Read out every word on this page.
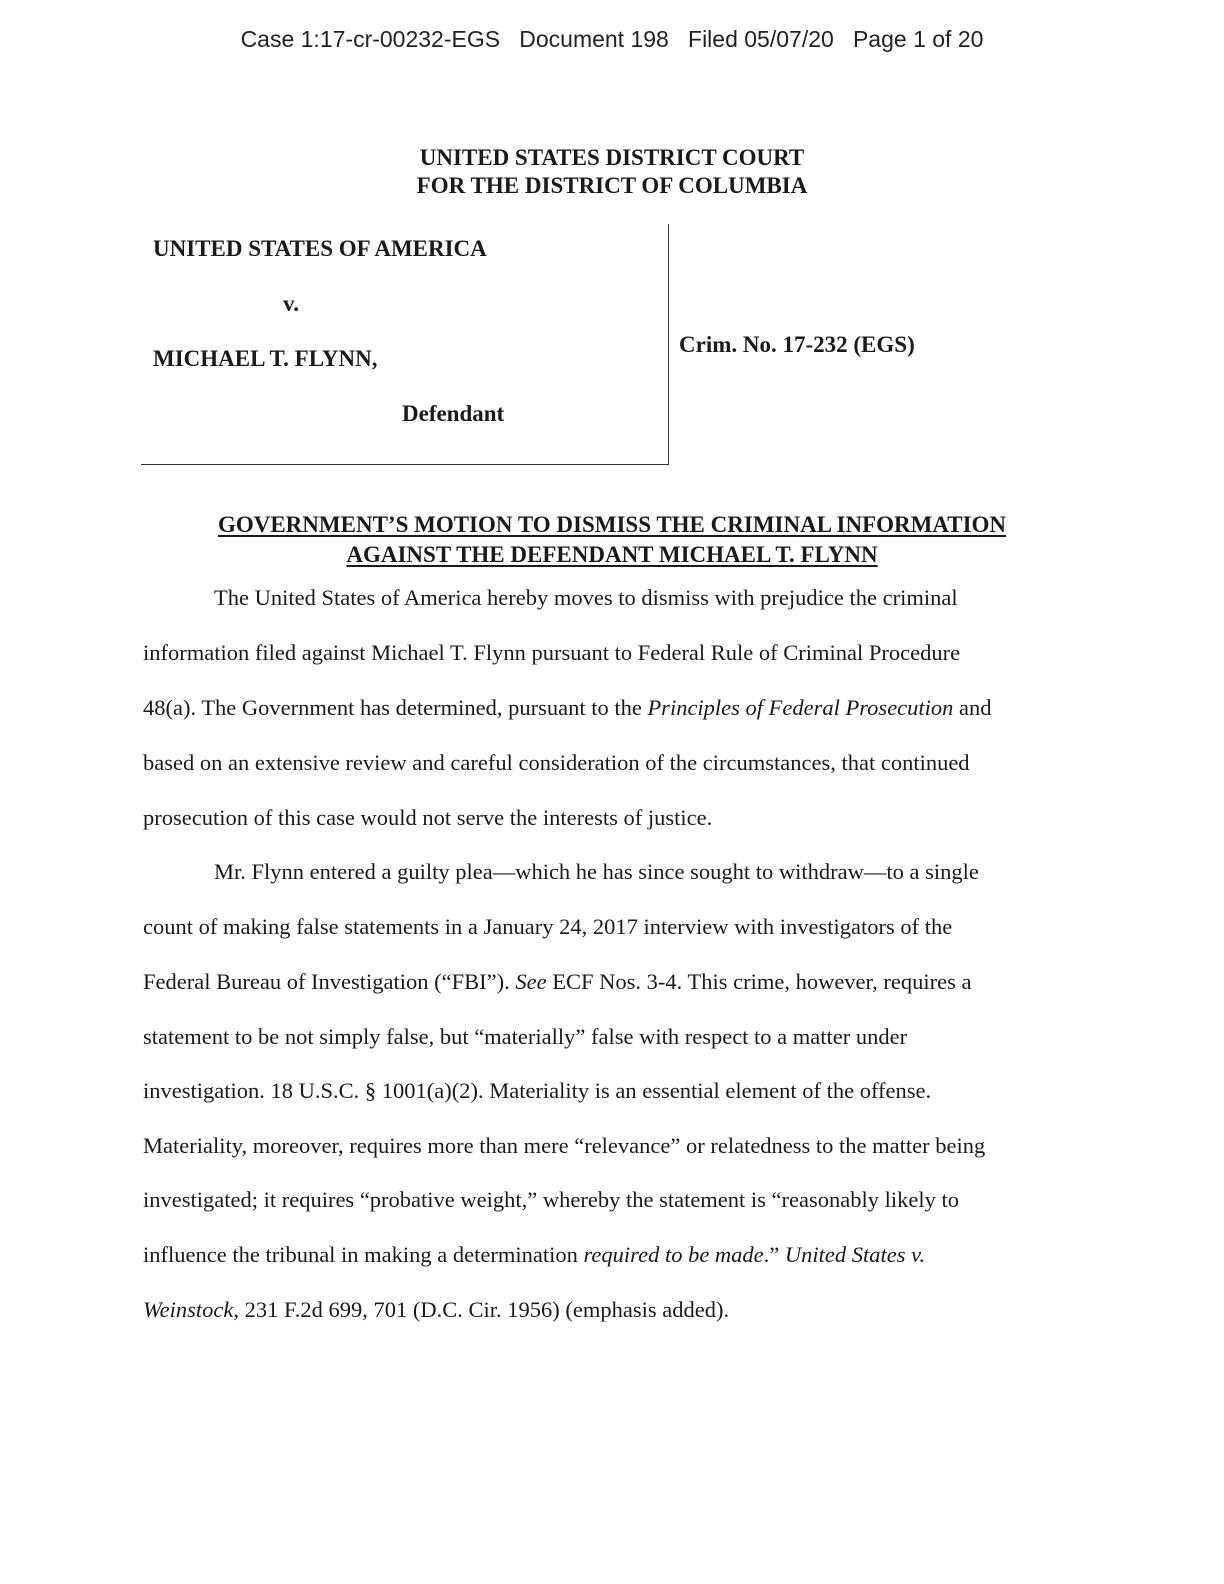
Case 1:17-cr-00232-EGS Document 198 Filed 05/07/20 Page 1 of 20
UNITED STATES DISTRICT COURT
FOR THE DISTRICT OF COLUMBIA
UNITED STATES OF AMERICA
v.
MICHAEL T. FLYNN,
Defendant
Crim. No. 17-232 (EGS)
GOVERNMENT’S MOTION TO DISMISS THE CRIMINAL INFORMATION
AGAINST THE DEFENDANT MICHAEL T. FLYNN
The United States of America hereby moves to dismiss with prejudice the criminal
information filed against Michael T. Flynn pursuant to Federal Rule of Criminal Procedure
48(a). The Government has determined, pursuant to the Principles of Federal Prosecution and
based on an extensive review and careful consideration of the circumstances, that continued
prosecution of this case would not serve the interests of justice.
Mr. Flynn entered a guilty plea—which he has since sought to withdraw—to a single
count of making false statements in a January 24, 2017 interview with investigators of the
Federal Bureau of Investigation (“FBI”). See ECF Nos. 3-4. This crime, however, requires a
statement to be not simply false, but “materially” false with respect to a matter under
investigation. 18 U.S.C. § 1001(a)(2). Materiality is an essential element of the offense.
Materiality, moreover, requires more than mere “relevance” or relatedness to the matter being
investigated; it requires “probative weight,” whereby the statement is “reasonably likely to
influence the tribunal in making a determination required to be made.” United States v.
Weinstock, 231 F.2d 699, 701 (D.C. Cir. 1956) (emphasis added).
